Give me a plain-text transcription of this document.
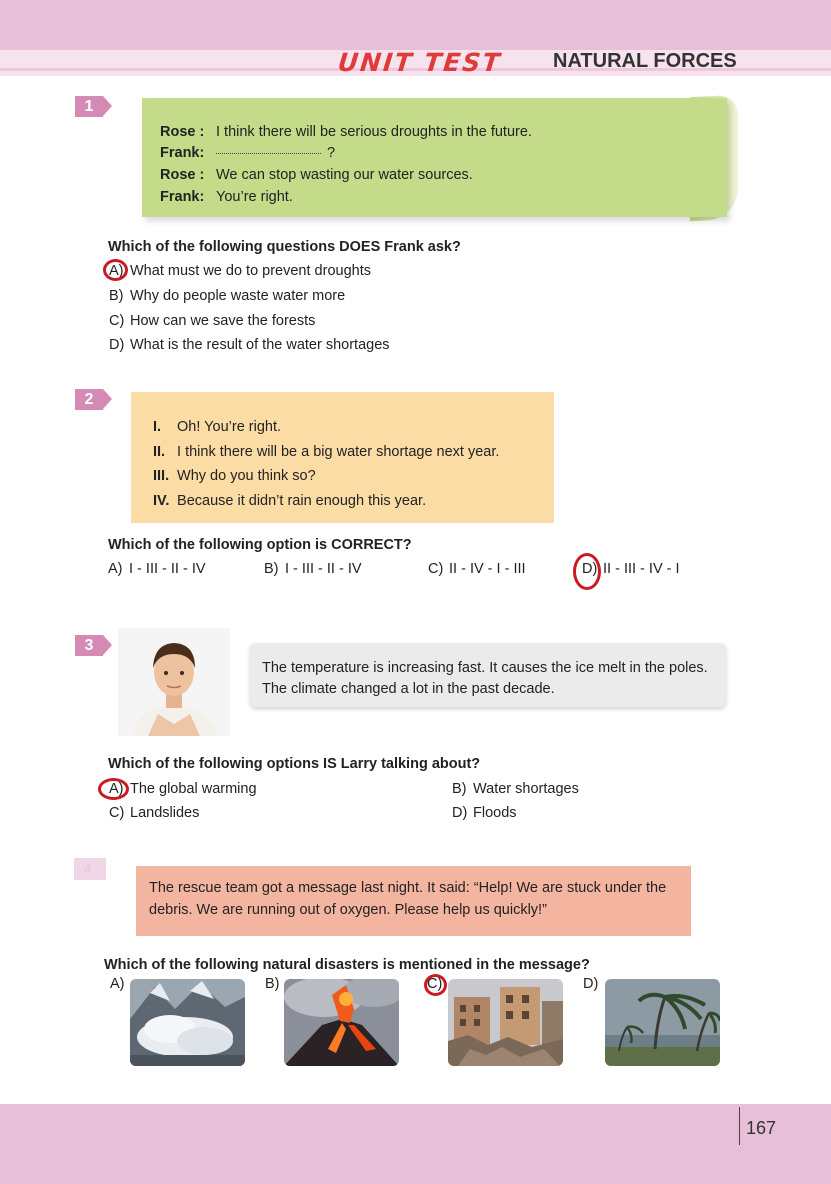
UNIT TEST NATURAL FORCES
1
Rose : I think there will be serious droughts in the future.
Frank:	?
Rose : We can stop wasting our water sources.
Frank: You’re right.
Which of the following questions DOES Frank ask?
A) What must we do to prevent droughts
B) Why do people waste water more
C) How can we save the forests
D) What is the result of the water shortages
2
I. Oh! You’re right.
II. I think there will be a big water shortage next year.
III. Why do you think so?
IV. Because it didn’t rain enough this year.
Which of the following option is CORRECT?
A) I - III - II - IV	B) I - III - II - IV	C) II - IV - I - III	D) II - III - IV - I
3
The temperature is increasing fast. It causes the ice melt in the poles.
The climate changed a lot in the past decade.
Which of the following options IS Larry talking about?
A) The global warming	B) Water shortages
C) Landslides	D) Floods
4
The rescue team got a message last night. It said: “Help! We are stuck under the
debris. We are running out of oxygen. Please help us quickly!”
Which of the following natural disasters is mentioned in the message?
A)	B)	C)	D)
167
